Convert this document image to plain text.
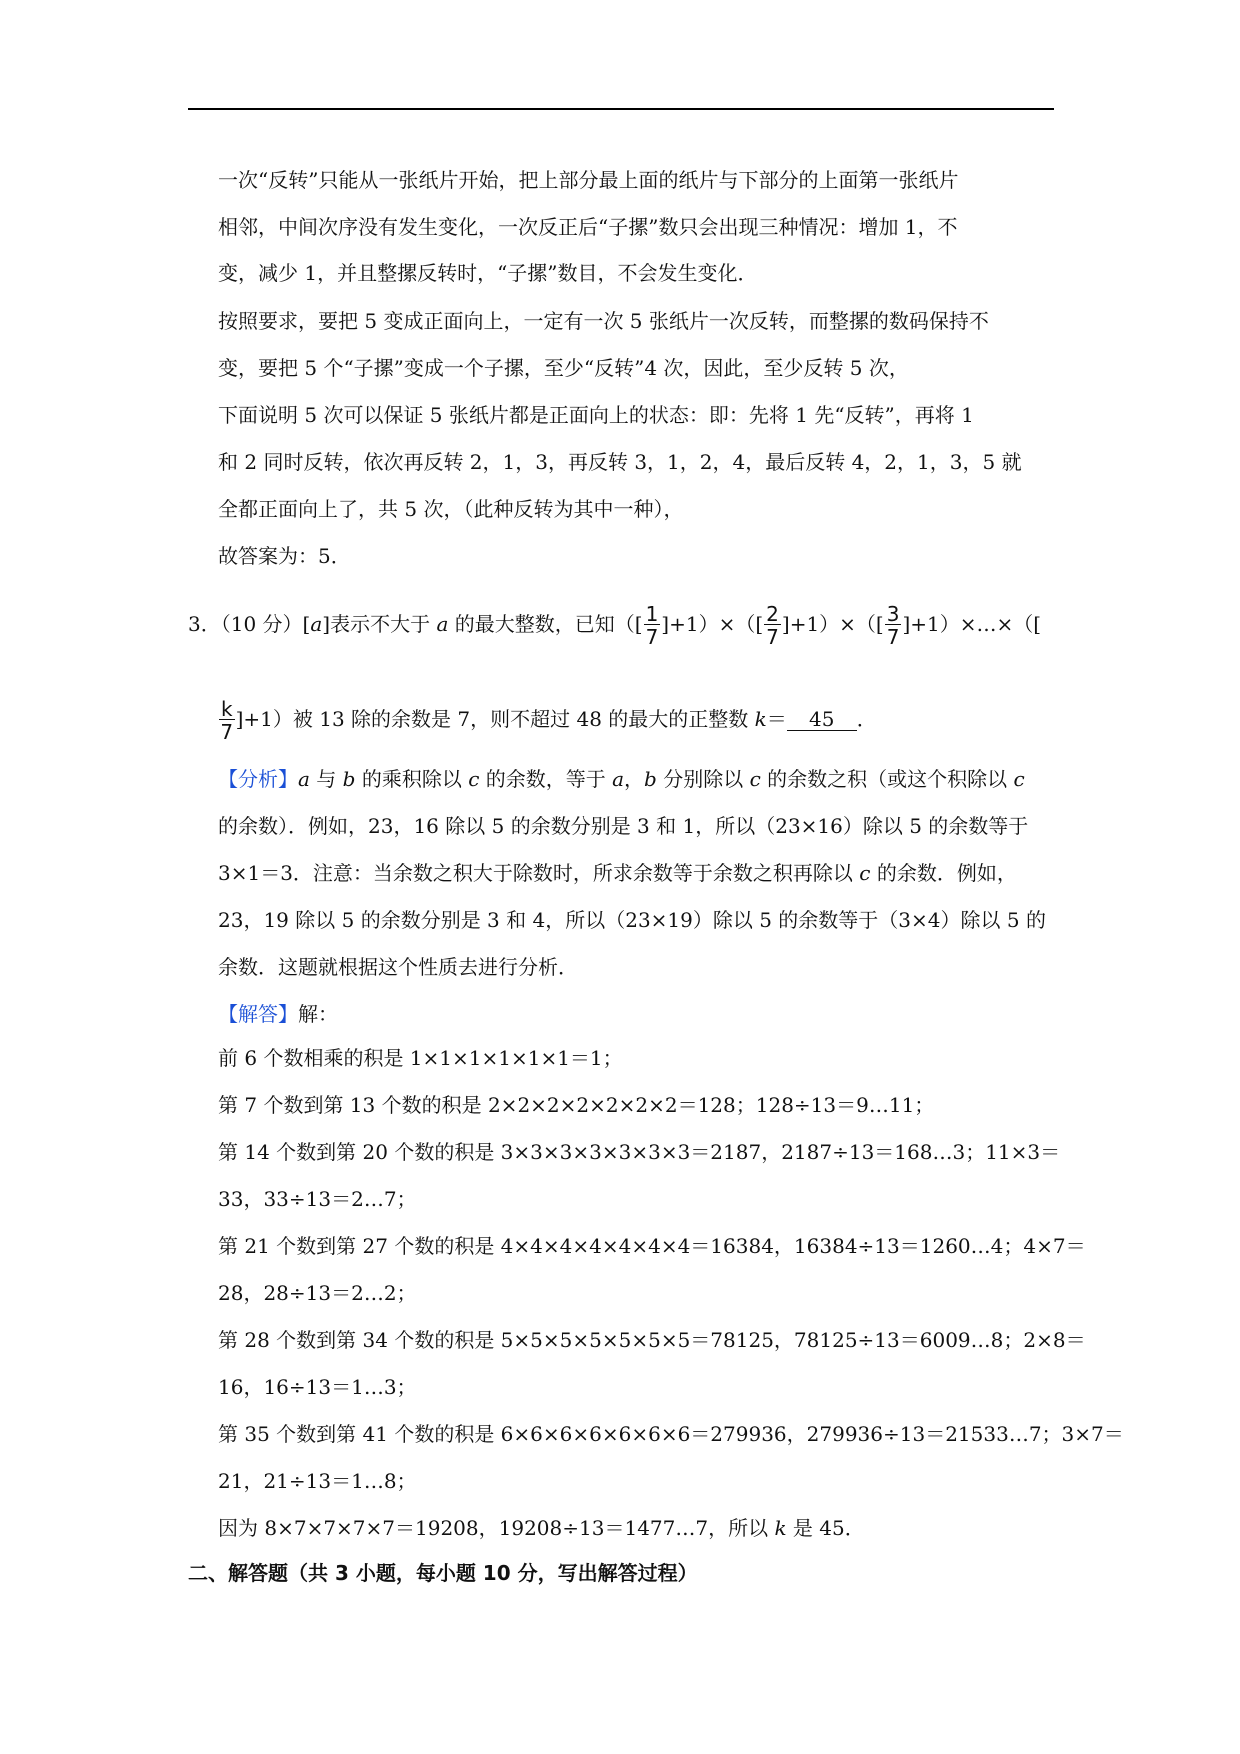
一次“反转”只能从一张纸片开始，把上部分最上面的纸片与下部分的上面第一张纸片
相邻，中间次序没有发生变化，一次反正后“子摞”数只会出现三种情况：增加 1，不
变，减少 1，并且整摞反转时，“子摞”数目，不会发生变化．
按照要求，要把 5 变成正面向上，一定有一次 5 张纸片一次反转，而整摞的数码保持不
变，要把 5 个“子摞”变成一个子摞，至少“反转”4 次，因此，至少反转 5 次，
下面说明 5 次可以保证 5 张纸片都是正面向上的状态：即：先将 1 先“反转”，再将 1
和 2 同时反转，依次再反转 2，1，3，再反转 3，1，2，4，最后反转 4，2，1，3，5 就
全都正面向上了，共 5 次，（此种反转为其中一种），
故答案为：5．
3．（10 分）[a]表示不大于 a 的最大整数，已知（[ $\frac{1}{7} ]+1)\times([ \frac{2}{7} ]+1)\times([ \frac{3}{7}$ ]+1）×…×（[
$\frac{k}{7} ]+1$）被 13 除的余数是 7，则不超过 48 的最大的正整数 k＝ 45 ．
【分析】a 与 b 的乘积除以 c 的余数，等于 a，b 分别除以 c 的余数之积（或这个积除以 c
的余数）．例如，23，16 除以 5 的余数分别是 3 和 1，所以（23×16）除以 5 的余数等于
3×1＝3．注意：当余数之积大于除数时，所求余数等于余数之积再除以 c 的余数．例如，
23，19 除以 5 的余数分别是 3 和 4，所以（23×19）除以 5 的余数等于（3×4）除以 5 的
余数．这题就根据这个性质去进行分析．
【解答】解：
前 6 个数相乘的积是 1×1×1×1×1×1＝1；
第 7 个数到第 13 个数的积是 2×2×2×2×2×2×2＝128；128÷13＝9…11；
第 14 个数到第 20 个数的积是 3×3×3×3×3×3×3＝2187，2187÷13＝168…3；11×3＝
33，33÷13＝2…7；
第 21 个数到第 27 个数的积是 4×4×4×4×4×4×4＝16384，16384÷13＝1260…4；4×7＝
28，28÷13＝2…2；
第 28 个数到第 34 个数的积是 5×5×5×5×5×5×5＝78125，78125÷13＝6009…8；2×8＝
16，16÷13＝1…3；
第 35 个数到第 41 个数的积是 6×6×6×6×6×6×6＝279936，279936÷13＝21533…7；3×7＝
21，21÷13＝1…8；
因为 8×7×7×7×7＝19208，19208÷13＝1477…7，所以 k 是 45．
二、解答题（共 3 小题，每小题 10 分，写出解答过程）
